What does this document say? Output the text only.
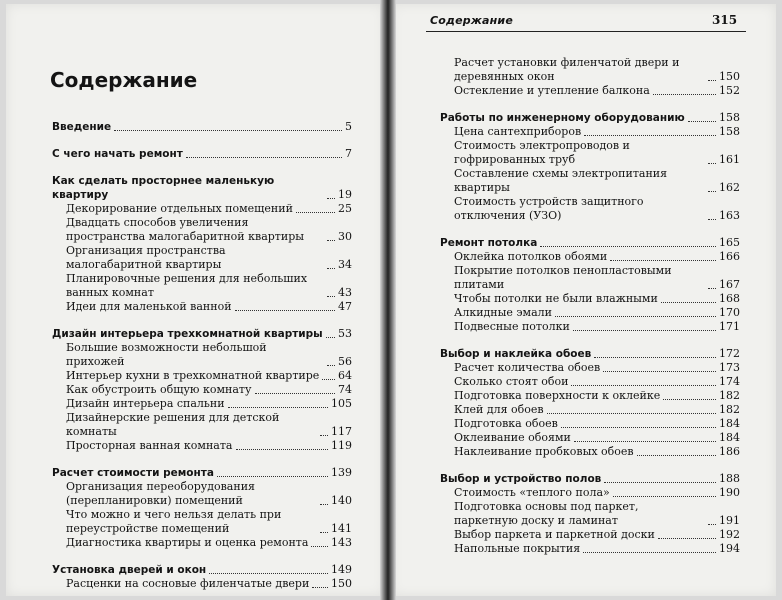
Содержание	315
Содержание
Введение	5
С чего начать ремонт	7
Как сделать просторнее маленькую квартиру	19
Декорирование отдельных помещений	25
Двадцать способов увеличения пространства малогабаритной квартиры	30
Организация пространства малогабаритной квартиры	34
Планировочные решения для небольших ванных комнат	43
Идеи для маленькой ванной	47
Дизайн интерьера трехкомнатной квартиры 53
Большие возможности небольшой прихожей	56
Интерьер кухни в трехкомнатной квартире 64
Как обустроить общую комнату	74
Дизайн интерьера спальни	105
Дизайнерские решения для детской комнаты	117
Просторная ванная комната	119
Расчет стоимости ремонта	139
Организация переоборудования (перепланировки) помещений	140
Что можно и чего нельзя делать при переустройстве помещений	141
Диагностика квартиры и оценка ремонта 143
Установка дверей и окон	149
Расценки на сосновые филенчатые двери 150
Расчет установки филенчатой двери и деревянных окон	150
Остекление и утепление балкона	152
Работы по инженерному оборудованию	158
Цена сантехприборов	158
Стоимость электропроводов и гофрированных труб	161
Составление схемы электропитания квартиры	162
Стоимость устройств защитного отключения (УЗО)	163
Ремонт потолка	165
Оклейка потолков обоями	166
Покрытие потолков пенопластовыми плитами	167
Чтобы потолки не были влажными	168
Алкидные эмали	170
Подвесные потолки	171
Выбор и наклейка обоев	172
Расчет количества обоев	173
Сколько стоят обои	174
Подготовка поверхности к оклейке	182
Клей для обоев	182
Подготовка обоев	184
Оклеивание обоями	184
Наклеивание пробковых обоев	186
Выбор и устройство полов	188
Стоимость «теплого пола»	190
Подготовка основы под паркет, паркетную доску и ламинат	191
Выбор паркета и паркетной доски	192
Напольные покрытия	194
